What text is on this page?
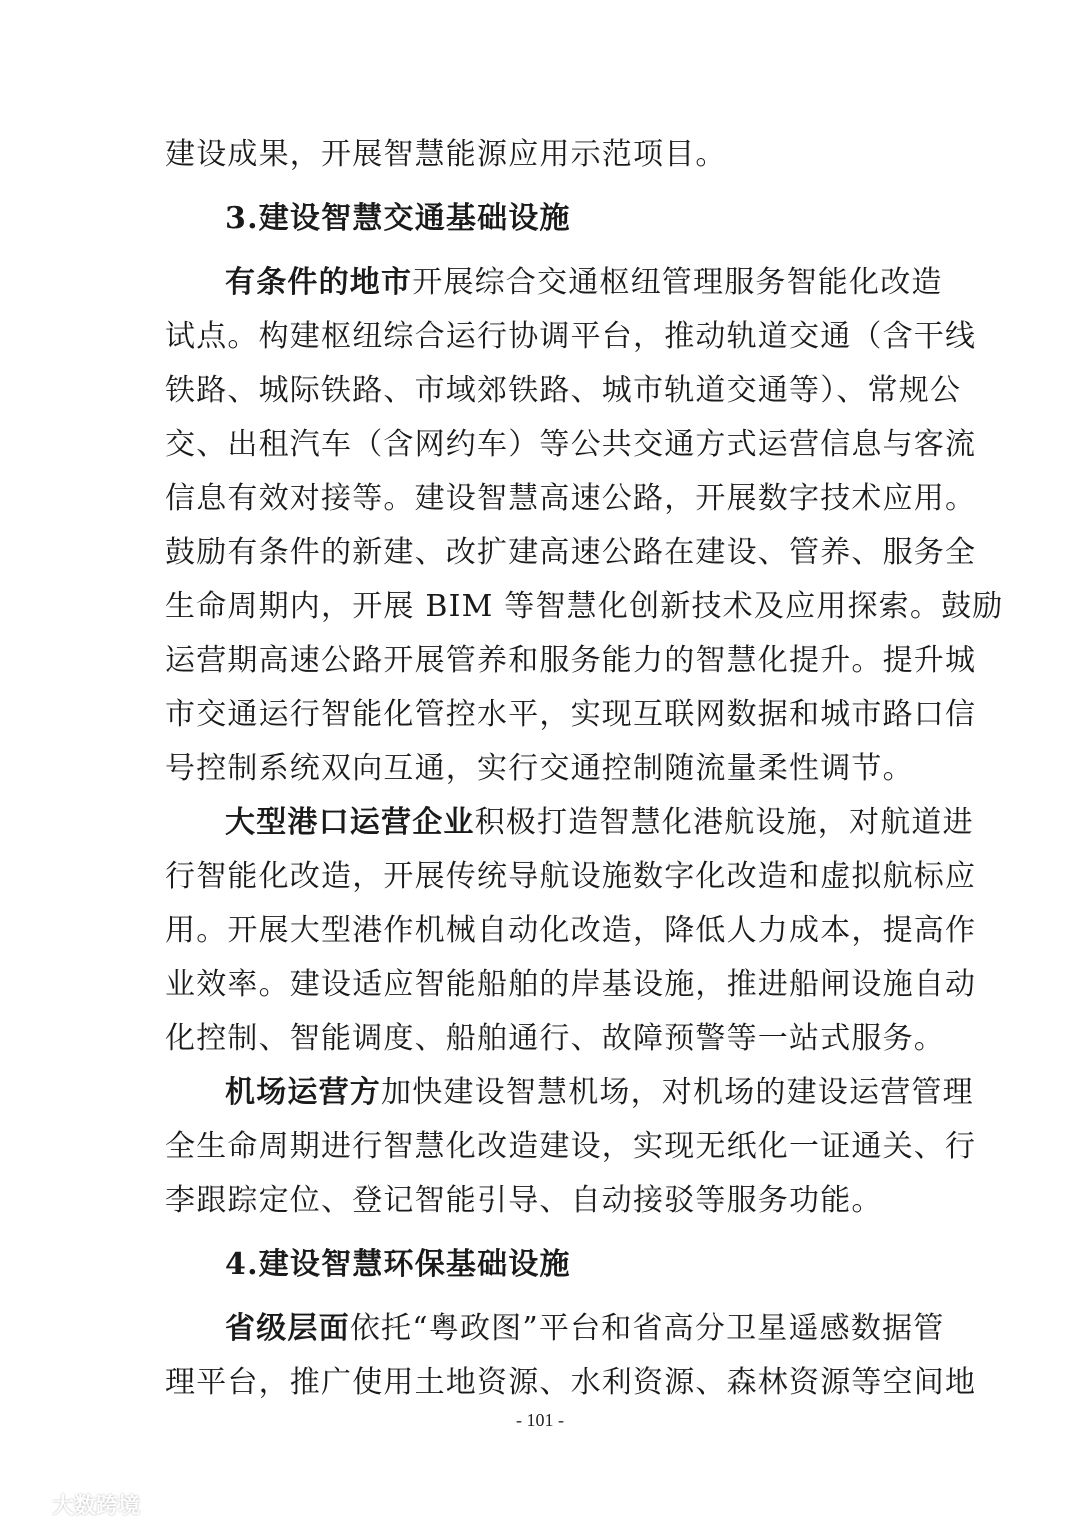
建设成果，开展智慧能源应用示范项目。
3.建设智慧交通基础设施
有条件的地市开展综合交通枢纽管理服务智能化改造
试点。构建枢纽综合运行协调平台，推动轨道交通（含干线
铁路、城际铁路、市域郊铁路、城市轨道交通等）、常规公
交、出租汽车（含网约车）等公共交通方式运营信息与客流
信息有效对接等。建设智慧高速公路，开展数字技术应用。
鼓励有条件的新建、改扩建高速公路在建设、管养、服务全
生命周期内，开展 BIM 等智慧化创新技术及应用探索。鼓励
运营期高速公路开展管养和服务能力的智慧化提升。提升城
市交通运行智能化管控水平，实现互联网数据和城市路口信
号控制系统双向互通，实行交通控制随流量柔性调节。
大型港口运营企业积极打造智慧化港航设施，对航道进
行智能化改造，开展传统导航设施数字化改造和虚拟航标应
用。开展大型港作机械自动化改造，降低人力成本，提高作
业效率。建设适应智能船舶的岸基设施，推进船闸设施自动
化控制、智能调度、船舶通行、故障预警等一站式服务。
机场运营方加快建设智慧机场，对机场的建设运营管理
全生命周期进行智慧化改造建设，实现无纸化一证通关、行
李跟踪定位、登记智能引导、自动接驳等服务功能。
4.建设智慧环保基础设施
省级层面依托“粤政图”平台和省高分卫星遥感数据管
理平台，推广使用土地资源、水利资源、森林资源等空间地
- 101 -
大数跨境
